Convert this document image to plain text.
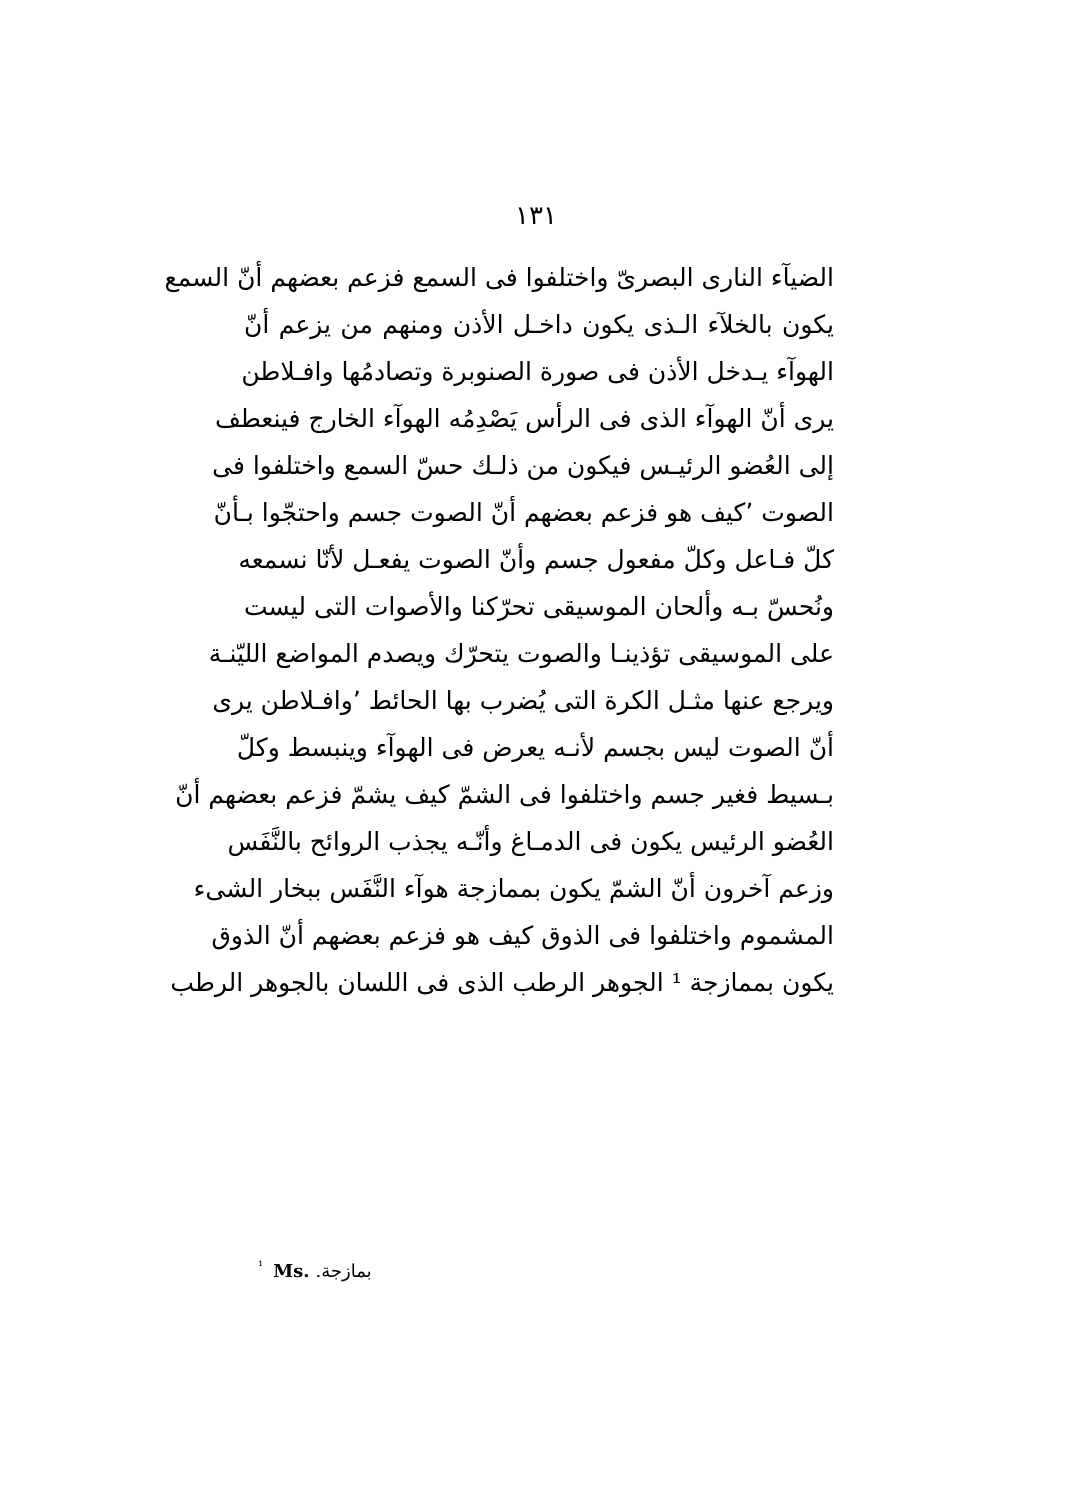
١٣١
الضيآء النارى البصرىّ واختلفوا فى السمع فزعم بعضهم أنّ السمع
يكون بالخلآء الـذى يكون داخـل الأذن ومنهم من يزعم أنّ
الهوآء يـدخل الأذن فى صورة الصنوبرة وتصادمُها وافـلاطن
يرى أنّ الهوآء الذى فى الرأس يَصْدِمُه الهوآء الخارج فينعطف
إلى العُضو الرئيـس فيكون من ذلـك حسّ السمع واختلفوا فى
الصوت ٬كيف هو فزعم بعضهم أنّ الصوت جسم واحتجّوا بـأنّ
كلّ فـاعل وكلّ مفعول جسم وأنّ الصوت يفعـل لأنّا نسمعه
ونُحسّ بـه وألحان الموسيقى تحرّكنا والأصوات التى ليست
على الموسيقى تؤذينـا والصوت يتحرّك ويصدم المواضع الليّنـة
ويرجع عنها مثـل الكرة التى يُضرب بها الحائط ٬وافـلاطن يرى
أنّ الصوت ليس بجسم لأنـه يعرض فى الهوآء وينبسط وكلّ
بـسيط فغير جسم واختلفوا فى الشمّ كيف يشمّ فزعم بعضهم أنّ
العُضو الرئيس يكون فى الدمـاغ وأنّـه يجذب الروائح بالنَّفَس
وزعم آخرون أنّ الشمّ يكون بممازجة هوآء النَّفَس ببخار الشىء
المشموم واختلفوا فى الذوق كيف هو فزعم بعضهم أنّ الذوق
يكون بممازجة ¹ الجوهر الرطب الذى فى اللسان بالجوهر الرطب
$^{^1}$ Ms. بمازجة.
